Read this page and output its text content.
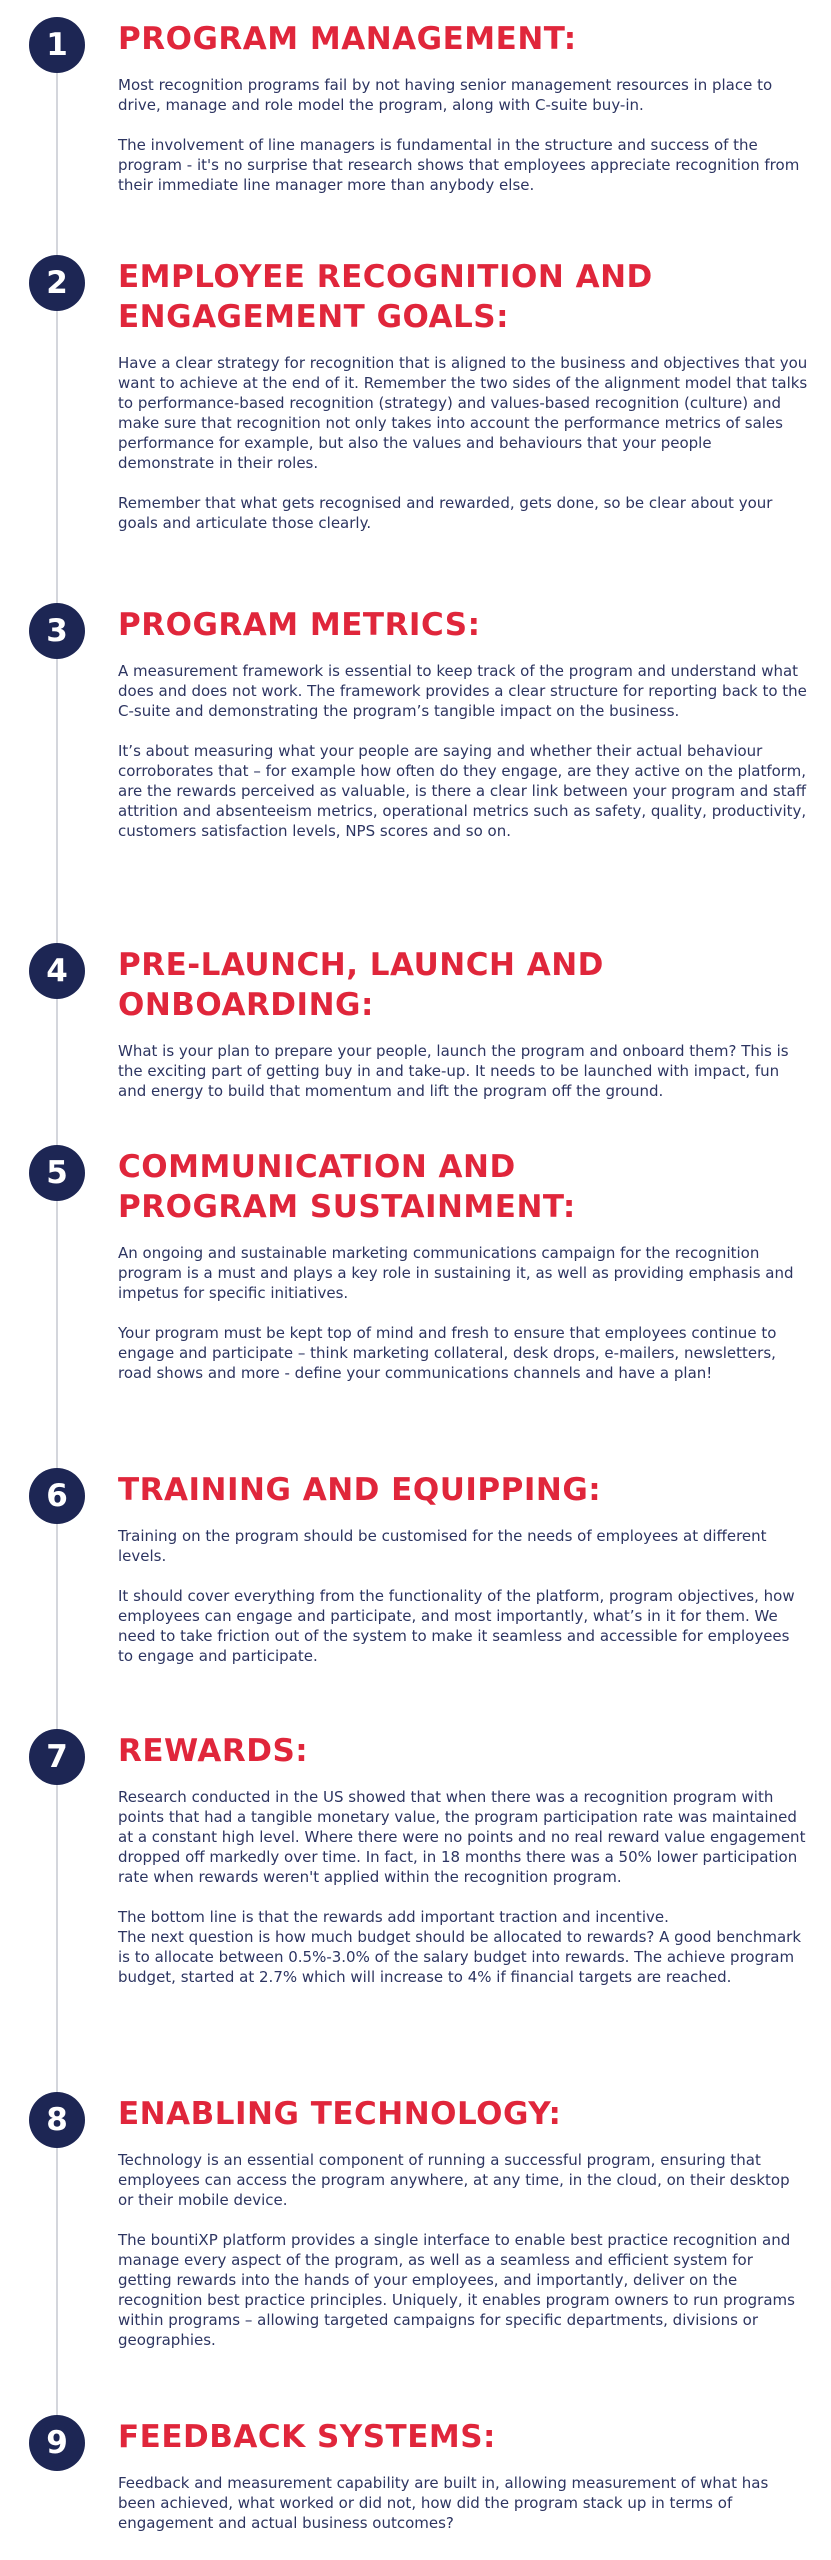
1	PROGRAM MANAGEMENT:

Most recognition programs fail by not having senior management resources in place to drive, manage and role model the program, along with C-suite buy-in.

The involvement of line managers is fundamental in the structure and success of the program - it's no surprise that research shows that employees appreciate recognition from their immediate line manager more than anybody else.

2	EMPLOYEE RECOGNITION AND ENGAGEMENT GOALS:

Have a clear strategy for recognition that is aligned to the business and objectives that you want to achieve at the end of it. Remember the two sides of the alignment model that talks to performance-based recognition (strategy) and values-based recognition (culture) and make sure that recognition not only takes into account the performance metrics of sales performance for example, but also the values and behaviours that your people demonstrate in their roles.

Remember that what gets recognised and rewarded, gets done, so be clear about your goals and articulate those clearly.

3	PROGRAM METRICS:

A measurement framework is essential to keep track of the program and understand what does and does not work. The framework provides a clear structure for reporting back to the C-suite and demonstrating the program’s tangible impact on the business.

It’s about measuring what your people are saying and whether their actual behaviour corroborates that – for example how often do they engage, are they active on the platform, are the rewards perceived as valuable, is there a clear link between your program and staff attrition and absenteeism metrics, operational metrics such as safety, quality, productivity, customers satisfaction levels, NPS scores and so on.

4	PRE-LAUNCH, LAUNCH AND ONBOARDING:

What is your plan to prepare your people, launch the program and onboard them? This is the exciting part of getting buy in and take-up. It needs to be launched with impact, fun and energy to build that momentum and lift the program off the ground.

5	COMMUNICATION AND PROGRAM SUSTAINMENT:

An ongoing and sustainable marketing communications campaign for the recognition program is a must and plays a key role in sustaining it, as well as providing emphasis and impetus for specific initiatives.

Your program must be kept top of mind and fresh to ensure that employees continue to engage and participate – think marketing collateral, desk drops, e-mailers, newsletters, road shows and more - define your communications channels and have a plan!

6	TRAINING AND EQUIPPING:

Training on the program should be customised for the needs of employees at different levels.

It should cover everything from the functionality of the platform, program objectives, how employees can engage and participate, and most importantly, what’s in it for them. We need to take friction out of the system to make it seamless and accessible for employees to engage and participate.

7	REWARDS:

Research conducted in the US showed that when there was a recognition program with points that had a tangible monetary value, the program participation rate was maintained at a constant high level. Where there were no points and no real reward value engagement dropped off markedly over time. In fact, in 18 months there was a 50% lower participation rate when rewards weren't applied within the recognition program.

The bottom line is that the rewards add important traction and incentive.
The next question is how much budget should be allocated to rewards? A good benchmark is to allocate between 0.5%-3.0% of the salary budget into rewards. The achieve program budget, started at 2.7% which will increase to 4% if financial targets are reached.

8	ENABLING TECHNOLOGY:

Technology is an essential component of running a successful program, ensuring that employees can access the program anywhere, at any time, in the cloud, on their desktop or their mobile device.

The bountiXP platform provides a single interface to enable best practice recognition and manage every aspect of the program, as well as a seamless and efficient system for getting rewards into the hands of your employees, and importantly, deliver on the recognition best practice principles. Uniquely, it enables program owners to run programs within programs – allowing targeted campaigns for specific departments, divisions or geographies.

9	FEEDBACK SYSTEMS:

Feedback and measurement capability are built in, allowing measurement of what has been achieved, what worked or did not, how did the program stack up in terms of engagement and actual business outcomes?
